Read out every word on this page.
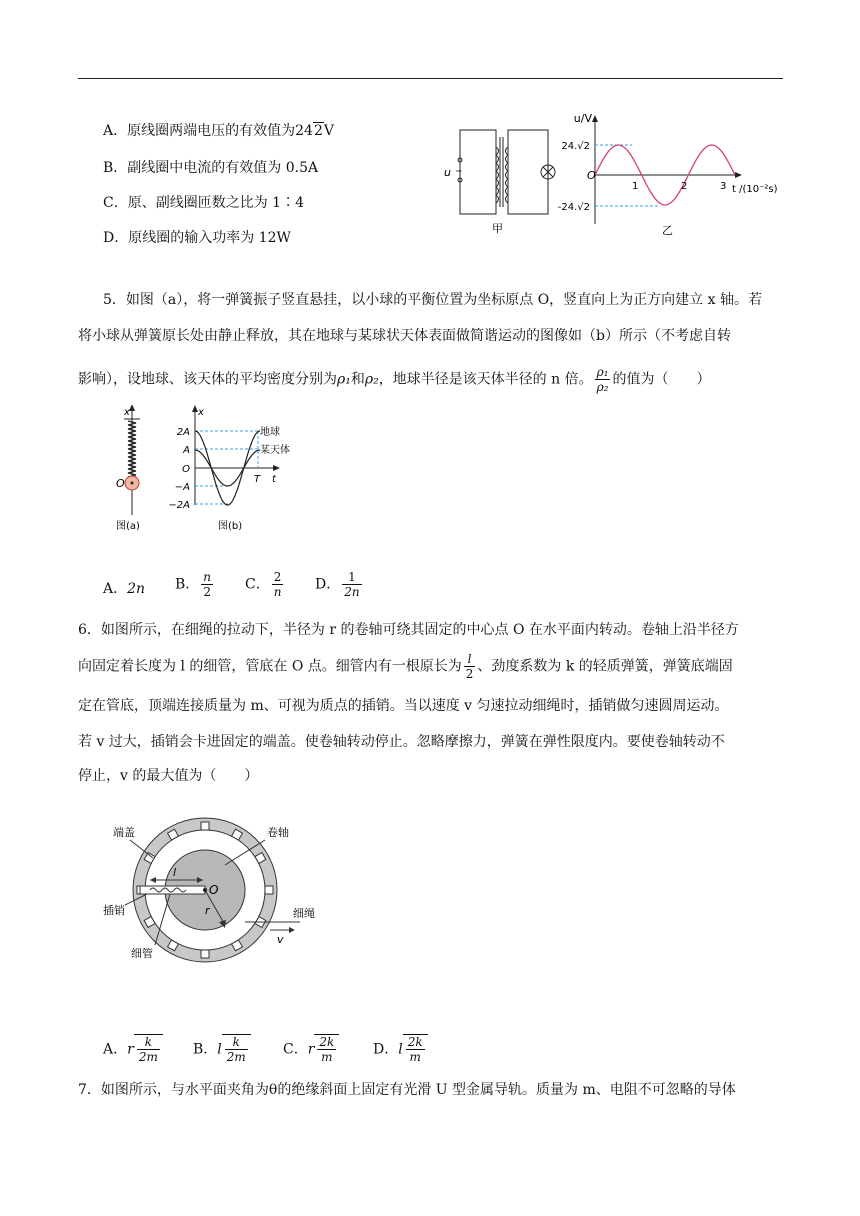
A．原线圈两端电压的有效值为242V
B．副线圈中电流的有效值为 0.5A
C．原、副线圈匝数之比为 1∶4
D．原线圈的输入功率为 12W
u ~
甲
u/V
24.√2
-24.√2
O
1	2	3 t /(10⁻²s)
乙
5．如图（a），将一弹簧振子竖直悬挂，以小球的平衡位置为坐标原点 O，竖直向上为正方向建立 x 轴。若
将小球从弹簧原长处由静止释放，其在地球与某球状天体表面做简谐运动的图像如（b）所示（不考虑自转
影响），设地球、该天体的平均密度分别为ρ₁和ρ₂，地球半径是该天体半径的 n 倍。 $\frac{\text{ρ₁}}{\text{ρ₂}}$ 的值为（　　）
x
O
图(a)
x
2A
A
O
−A
−2A
T t
地球
某天体
图(b)
A．2n B． $\frac{n}{2}$ C． $\frac{2}{n}$ D． $\frac{1}{2n}$
6．如图所示，在细绳的拉动下，半径为 r 的卷轴可绕其固定的中心点 O 在水平面内转动。卷轴上沿半径方
向固定着长度为 l 的细管，管底在 O 点。细管内有一根原长为 $\frac{l}{2}$ 、劲度系数为 k 的轻质弹簧，弹簧底端固
定在管底，顶端连接质量为 m、可视为质点的插销。当以速度 v 匀速拉动细绳时，插销做匀速圆周运动。
若 v 过大，插销会卡进固定的端盖。使卷轴转动停止。忽略摩擦力，弹簧在弹性限度内。要使卷轴转动不
停止，v 的最大值为（　　）
端盖	卷轴
插销
细管
细绳
v
l
O
r
A．r $\frac{k}{2m}$ B．l $\frac{k}{2m}$	C．r $\frac{2k}{m}$	D．l $\frac{2k}{m}$
7．如图所示，与水平面夹角为θ的绝缘斜面上固定有光滑 U 型金属导轨。质量为 m、电阻不可忽略的导体
